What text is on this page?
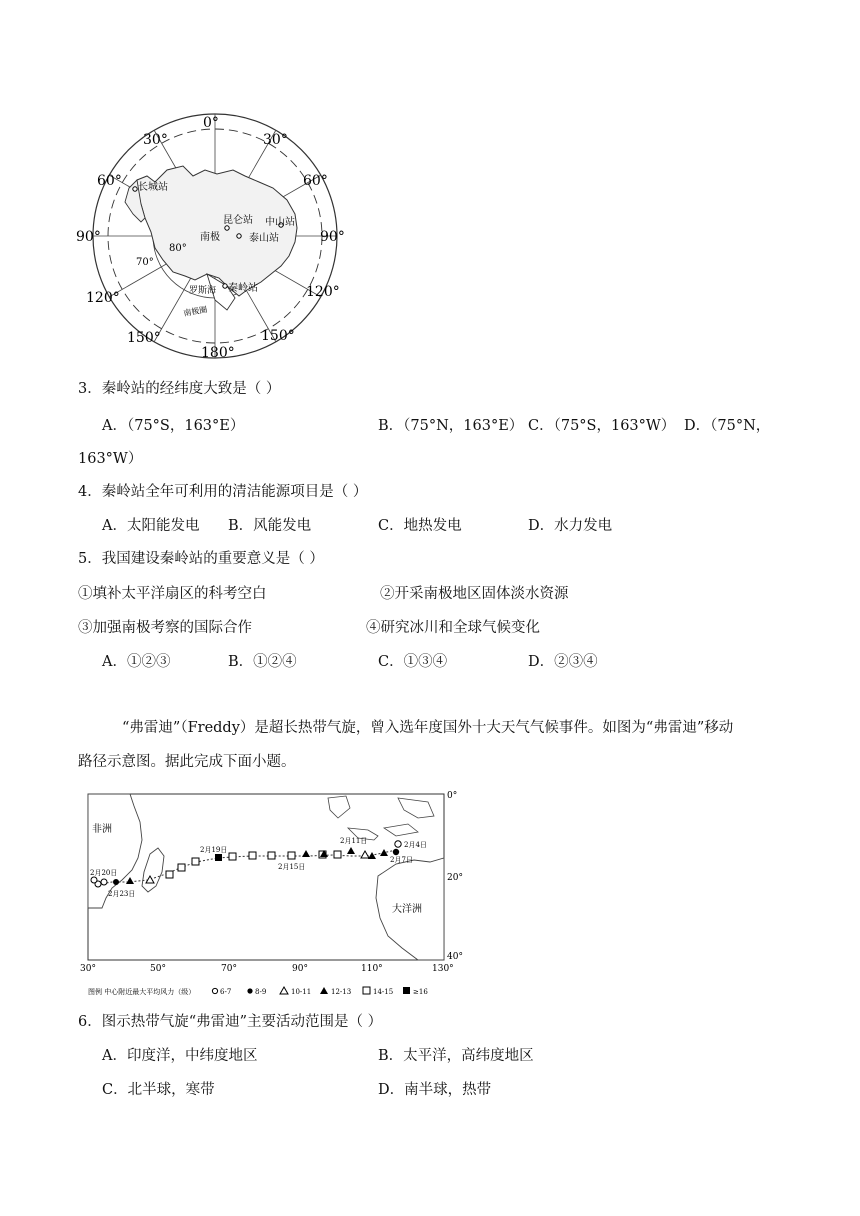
0°
30°	30°
60°	60°
90°	90°
120°	120°
150°	150°
180°
80°
70°
长城站
昆仑站 中山站
泰山站
南极
罗斯海 秦岭站
南极圈
3．秦岭站的经纬度大致是（ ）
A．（75°S，163°E）	B．（75°N，163°E） C．（75°S，163°W） D．（75°N，
163°W）
4．秦岭站全年可利用的清洁能源项目是（ ）
A．太阳能发电 B．风能发电	C．地热发电	D．水力发电
5．我国建设秦岭站的重要意义是（ ）
①填补太平洋扇区的科考空白	②开采南极地区固体淡水资源
③加强南极考察的国际合作	④研究冰川和全球气候变化
A．①②③	B．①②④	C．①③④	D．②③④
“弗雷迪”（Freddy）是超长热带气旋，曾入选年度国外十大天气气候事件。如图为“弗雷迪”移动
路径示意图。据此完成下面小题。
非洲
大洋洲
2月4日
2月7日
2月11日
2月15日
2月19日
2月20日
2月23日
0°
20°
40°
30°	50°	70°	90°	110°	130°
图例 中心附近最大平均风力（级）	6-7	8-9	10-11	12-13	14-15	≥16
6．图示热带气旋“弗雷迪”主要活动范围是（ ）
A．印度洋，中纬度地区	B．太平洋，高纬度地区
C．北半球，寒带	D．南半球，热带
